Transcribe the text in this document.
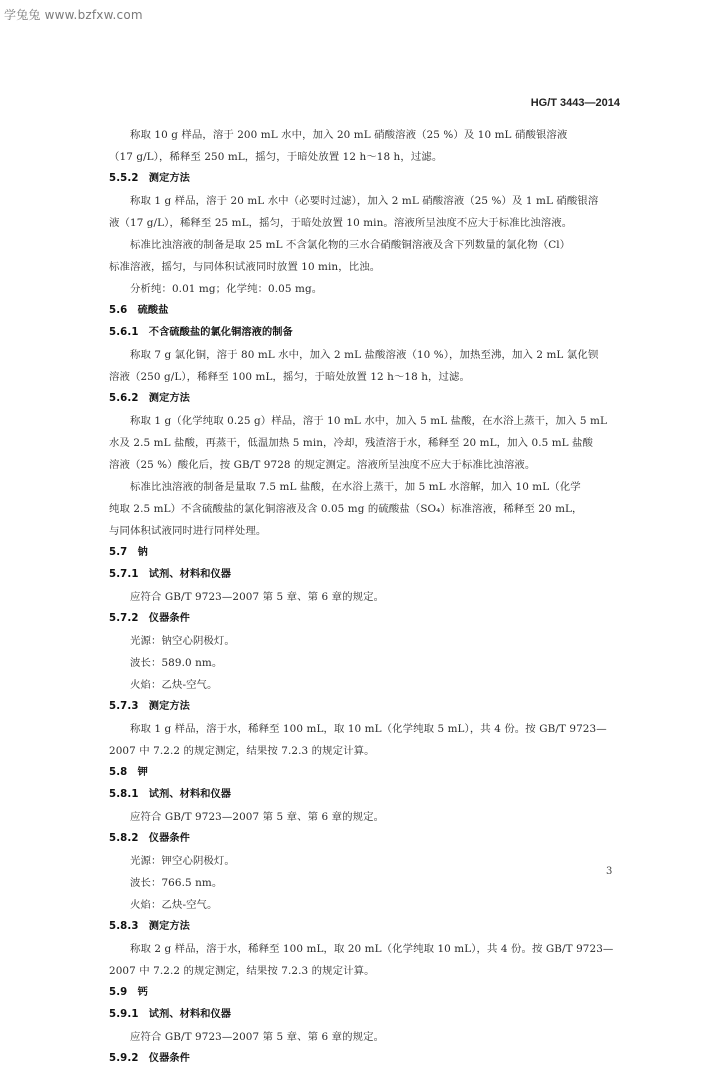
学兔兔 www.bzfxw.com
HG/T 3443—2014
称取 10 g 样品，溶于 200 mL 水中，加入 20 mL 硝酸溶液（25 %）及 10 mL 硝酸银溶液
（17 g/L），稀释至 250 mL，摇匀，于暗处放置 12 h～18 h，过滤。
5.5.2　测定方法
称取 1 g 样品，溶于 20 mL 水中（必要时过滤），加入 2 mL 硝酸溶液（25 %）及 1 mL 硝酸银溶
液（17 g/L），稀释至 25 mL，摇匀，于暗处放置 10 min。溶液所呈浊度不应大于标准比浊溶液。
标准比浊溶液的制备是取 25 mL 不含氯化物的三水合硝酸铜溶液及含下列数量的氯化物（Cl）
标准溶液，摇匀，与同体积试液同时放置 10 min，比浊。
分析纯：0.01 mg；化学纯：0.05 mg。
5.6　硫酸盐
5.6.1　不含硫酸盐的氯化铜溶液的制备
称取 7 g 氯化铜，溶于 80 mL 水中，加入 2 mL 盐酸溶液（10 %），加热至沸，加入 2 mL 氯化钡
溶液（250 g/L），稀释至 100 mL，摇匀，于暗处放置 12 h～18 h，过滤。
5.6.2　测定方法
称取 1 g（化学纯取 0.25 g）样品，溶于 10 mL 水中，加入 5 mL 盐酸，在水浴上蒸干，加入 5 mL
水及 2.5 mL 盐酸，再蒸干，低温加热 5 min，冷却，残渣溶于水，稀释至 20 mL，加入 0.5 mL 盐酸
溶液（25 %）酸化后，按 GB/T 9728 的规定测定。溶液所呈浊度不应大于标准比浊溶液。
标准比浊溶液的制备是量取 7.5 mL 盐酸，在水浴上蒸干，加 5 mL 水溶解，加入 10 mL（化学
纯取 2.5 mL）不含硫酸盐的氯化铜溶液及含 0.05 mg 的硫酸盐（SO₄）标准溶液，稀释至 20 mL，
与同体积试液同时进行同样处理。
5.7　钠
5.7.1　试剂、材料和仪器
应符合 GB/T 9723—2007 第 5 章、第 6 章的规定。
5.7.2　仪器条件
光源：钠空心阴极灯。
波长：589.0 nm。
火焰：乙炔-空气。
5.7.3　测定方法
称取 1 g 样品，溶于水，稀释至 100 mL，取 10 mL（化学纯取 5 mL），共 4 份。按 GB/T 9723—
2007 中 7.2.2 的规定测定，结果按 7.2.3 的规定计算。
5.8　钾
5.8.1　试剂、材料和仪器
应符合 GB/T 9723—2007 第 5 章、第 6 章的规定。
5.8.2　仪器条件
光源：钾空心阴极灯。
波长：766.5 nm。
火焰：乙炔-空气。
5.8.3　测定方法
称取 2 g 样品，溶于水，稀释至 100 mL，取 20 mL（化学纯取 10 mL），共 4 份。按 GB/T 9723—
2007 中 7.2.2 的规定测定，结果按 7.2.3 的规定计算。
5.9　钙
5.9.1　试剂、材料和仪器
应符合 GB/T 9723—2007 第 5 章、第 6 章的规定。
5.9.2　仪器条件
3
